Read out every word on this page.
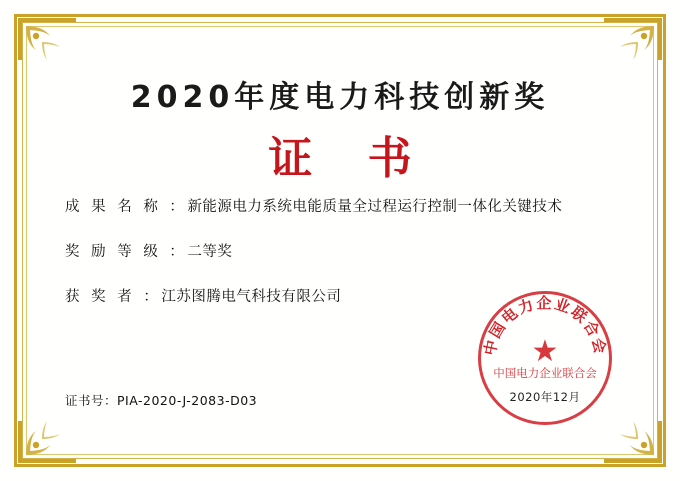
2020年度电力科技创新奖
证 书
成 果 名 称 ： 新能源电力系统电能质量全过程运行控制一体化关键技术
奖 励 等 级 ： 二等奖
获 奖 者 ： 江苏图腾电气科技有限公司
证书号：PIA-2020-J-2083-D03
中国电力企业联合会
★
中国电力企业联合会
2020年12月
